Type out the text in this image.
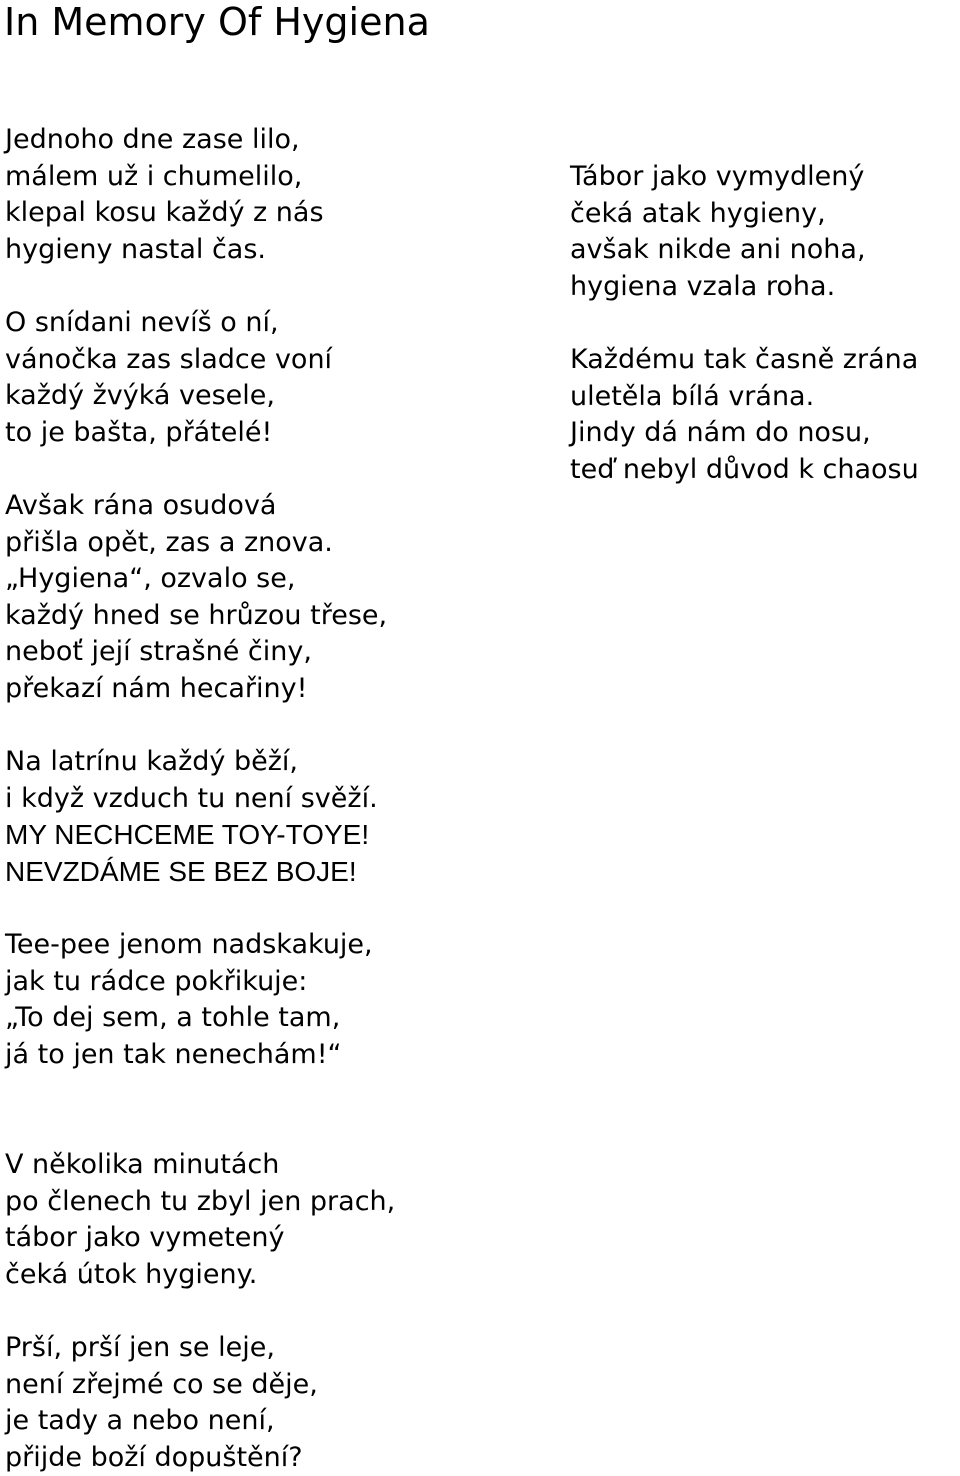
In Memory Of Hygiena
Jednoho dne zase lilo,
málem už i chumelilo,
klepal kosu každý z nás
hygieny nastal čas.
O snídani nevíš o ní,
vánočka zas sladce voní
každý žvýká vesele,
to je bašta, přátelé!
Avšak rána osudová
přišla opět, zas a znova.
„Hygiena“, ozvalo se,
každý hned se hrůzou třese,
neboť její strašné činy,
překazí nám hecařiny!
Na latrínu každý běží,
i když vzduch tu není svěží.
MY NECHCEME TOY-TOYE!
NEVZDÁME SE BEZ BOJE!
Tee-pee jenom nadskakuje,
jak tu rádce pokřikuje:
„To dej sem, a tohle tam,
já to jen tak nenechám!“
V několika minutách
po členech tu zbyl jen prach,
tábor jako vymetený
čeká útok hygieny.
Prší, prší jen se leje,
není zřejmé co se děje,
je tady a nebo není,
přijde boží dopuštění?
Tábor jako vymydlený
čeká atak hygieny,
avšak nikde ani noha,
hygiena vzala roha.
Každému tak časně zrána
uletěla bílá vrána.
Jindy dá nám do nosu,
teď nebyl důvod k chaosu
